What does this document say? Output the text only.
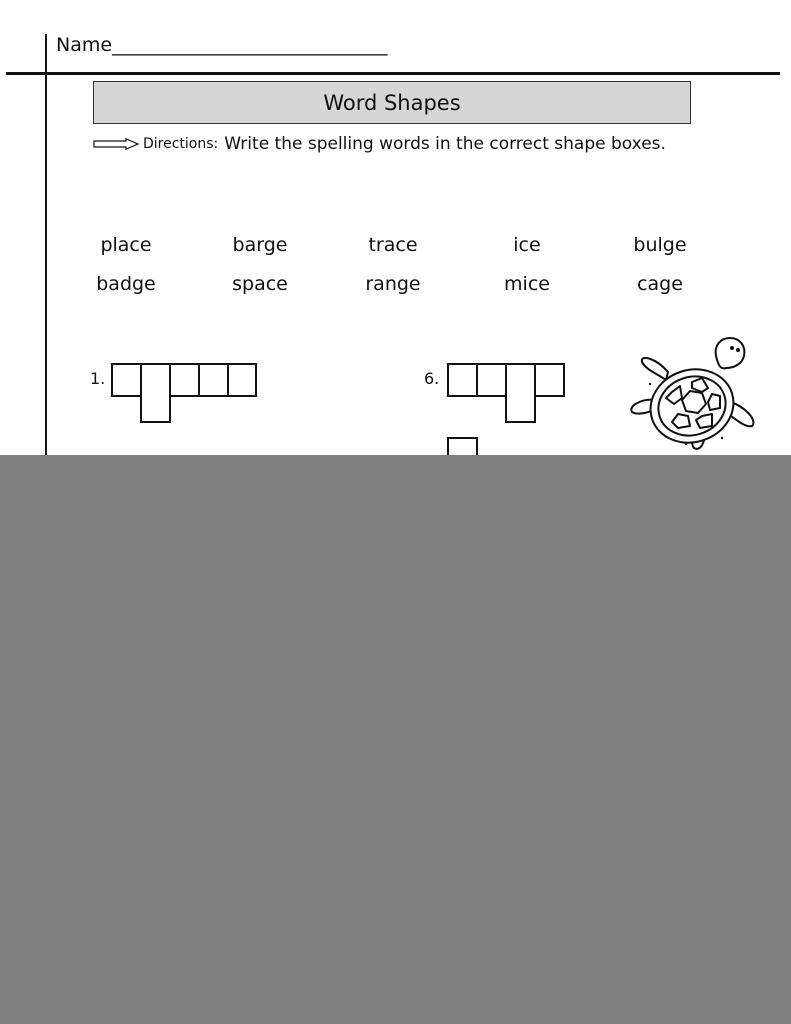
Name_____________________________
Word Shapes
Directions: Write the spelling words in the correct shape boxes.
place	barge	trace	ice	bulge
badge	space	range	mice	cage
1.	6.
